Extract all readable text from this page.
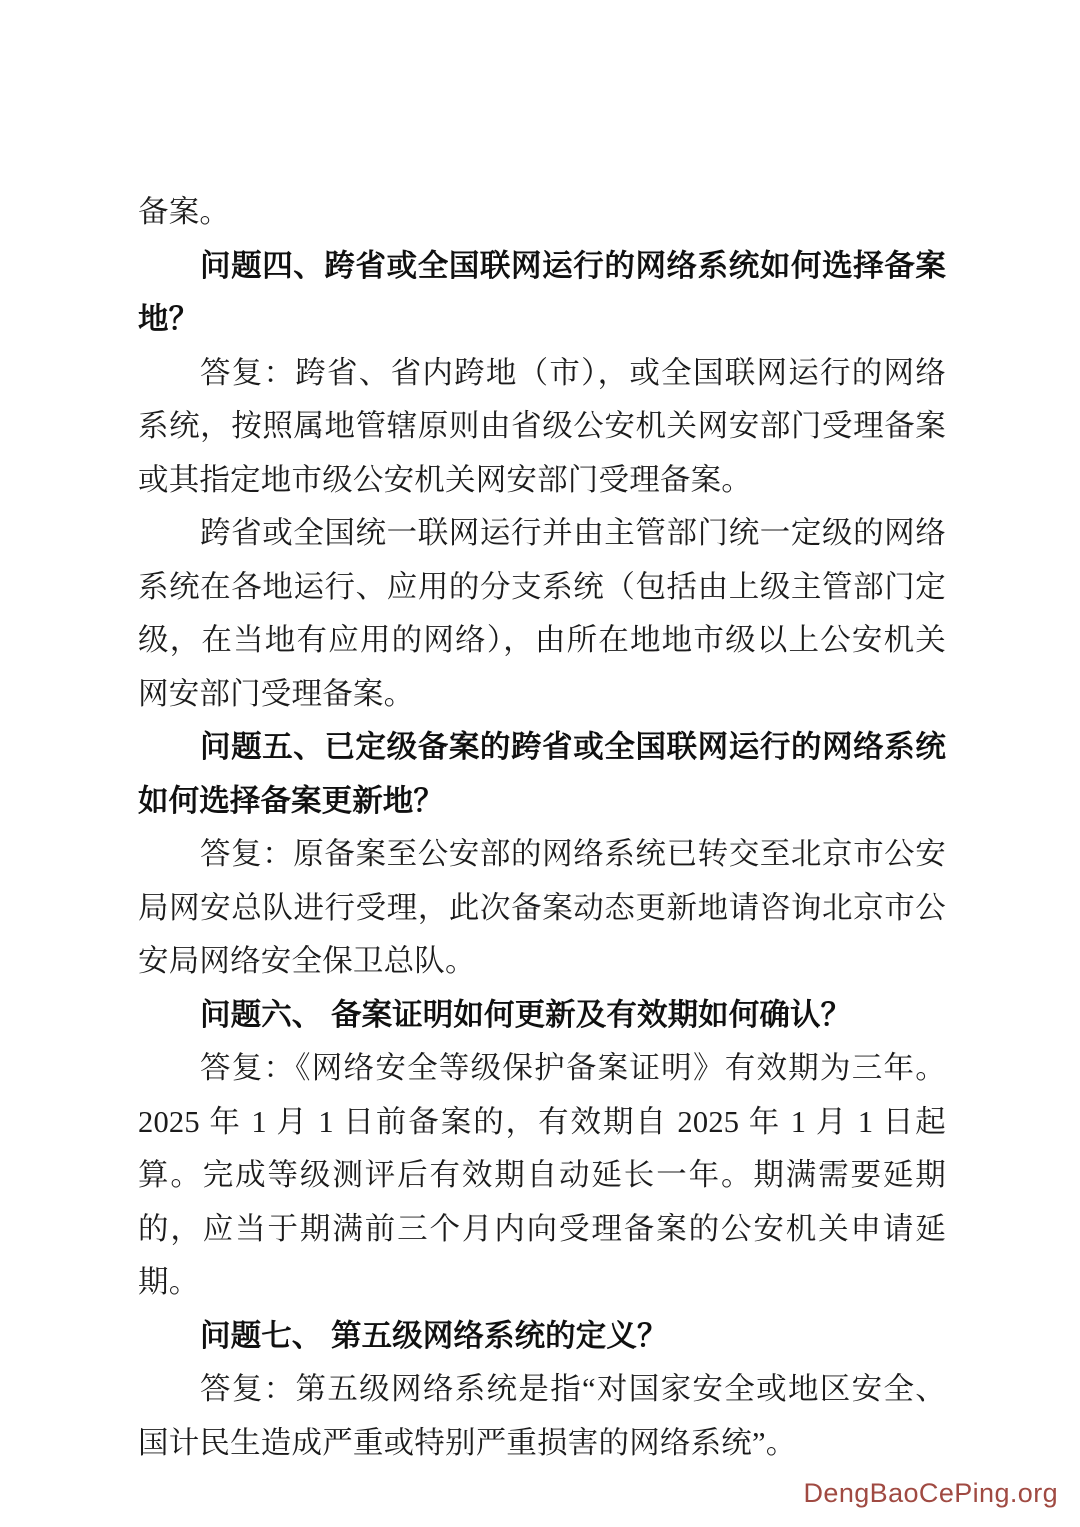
备案。

问题四、跨省或全国联网运行的网络系统如何选择备案地？

答复：跨省、省内跨地（市），或全国联网运行的网络系统，按照属地管辖原则由省级公安机关网安部门受理备案或其指定地市级公安机关网安部门受理备案。

跨省或全国统一联网运行并由主管部门统一定级的网络系统在各地运行、应用的分支系统（包括由上级主管部门定级，在当地有应用的网络），由所在地地市级以上公安机关网安部门受理备案。

问题五、已定级备案的跨省或全国联网运行的网络系统如何选择备案更新地？

答复：原备案至公安部的网络系统已转交至北京市公安局网安总队进行受理，此次备案动态更新地请咨询北京市公安局网络安全保卫总队。

问题六、 备案证明如何更新及有效期如何确认？

答复：《网络安全等级保护备案证明》有效期为三年。2025 年 1 月 1 日前备案的，有效期自 2025 年 1 月 1 日起算。完成等级测评后有效期自动延长一年。期满需要延期的，应当于期满前三个月内向受理备案的公安机关申请延期。

问题七、 第五级网络系统的定义？

答复：第五级网络系统是指“对国家安全或地区安全、国计民生造成严重或特别严重损害的网络系统”。

DengBaoCePing.org
